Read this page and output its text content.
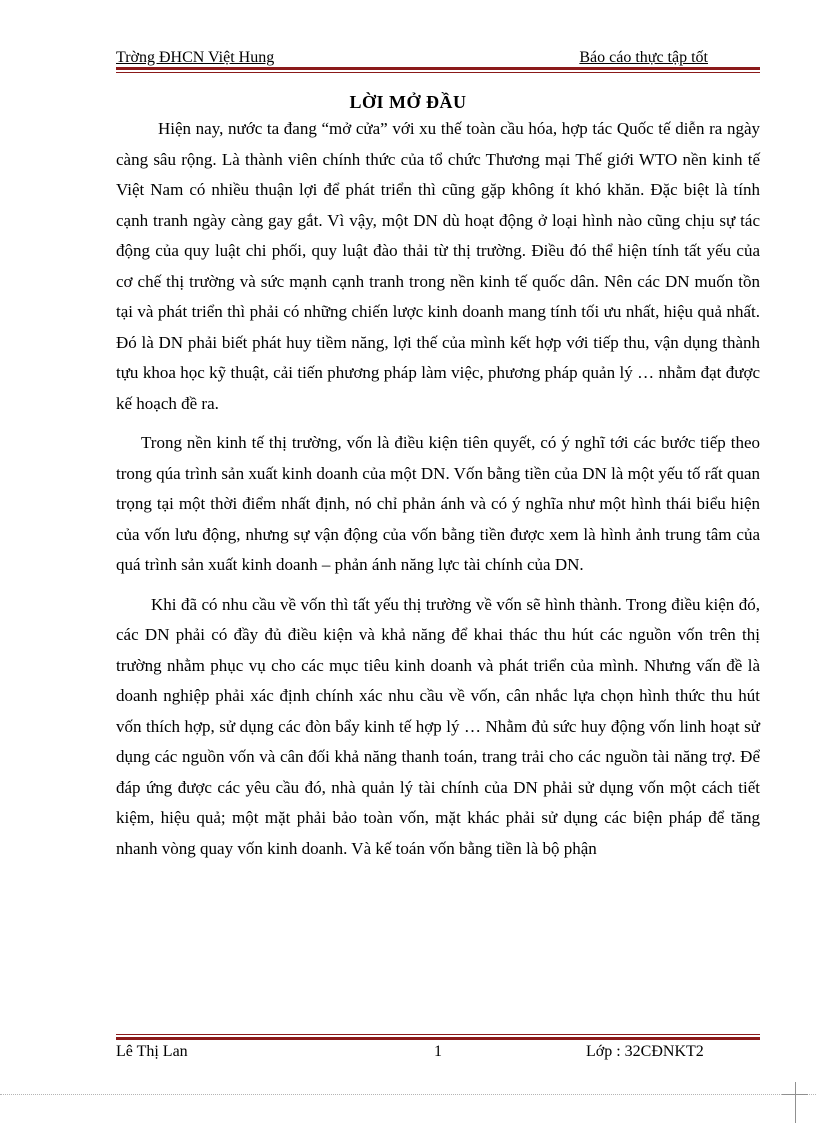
Trờng ĐHCN Việt Hung	Báo cáo thực tập tốt
LỜI MỞ ĐẦU

Hiện nay, nước ta đang “mở cửa” với xu thế toàn cầu hóa, hợp tác Quốc tế diễn ra ngày càng sâu rộng. Là thành viên chính thức của tổ chức Thương mại Thế giới WTO nền kinh tế Việt Nam có nhiều thuận lợi để phát triển thì cũng gặp không ít khó khăn. Đặc biệt là tính cạnh tranh ngày càng gay gắt. Vì vậy, một DN dù hoạt động ở loại hình nào cũng chịu sự tác động của quy luật chi phối, quy luật đào thải từ thị trường. Điều đó thể hiện tính tất yếu của cơ chế thị trường và sức mạnh cạnh tranh trong nền kinh tế quốc dân. Nên các DN muốn tồn tại và phát triển thì phải có những chiến lược kinh doanh mang tính tối ưu nhất, hiệu quả nhất. Đó là DN phải biết phát huy tiềm năng, lợi thế của mình kết hợp với tiếp thu, vận dụng thành tựu khoa học kỹ thuật, cải tiến phương pháp làm việc, phương pháp quản lý … nhằm đạt được kế hoạch đề ra.

Trong nền kinh tế thị trường, vốn là điều kiện tiên quyết, có ý nghĩ tới các bước tiếp theo trong qúa trình sản xuất kinh doanh của một DN. Vốn bằng tiền của DN là một yếu tố rất quan trọng tại một thời điểm nhất định, nó chỉ phản ánh và có ý nghĩa như một hình thái biểu hiện của vốn lưu động, nhưng sự vận động của vốn bằng tiền được xem là hình ảnh trung tâm của quá trình sản xuất kinh doanh – phản ánh năng lực tài chính của DN.

Khi đã có nhu cầu về vốn thì tất yếu thị trường về vốn sẽ hình thành. Trong điều kiện đó, các DN phải có đầy đủ điều kiện và khả năng để khai thác thu hút các nguồn vốn trên thị trường nhằm phục vụ cho các mục tiêu kinh doanh và phát triển của mình. Nhưng vấn đề là doanh nghiệp phải xác định chính xác nhu cầu về vốn, cân nhắc lựa chọn hình thức thu hút vốn thích hợp, sử dụng các đòn bẩy kinh tế hợp lý … Nhằm đủ sức huy động vốn linh hoạt sử dụng các nguồn vốn và cân đối khả năng thanh toán, trang trải cho các nguồn tài năng trợ. Để đáp ứng được các yêu cầu đó, nhà quản lý tài chính của DN phải sử dụng vốn một cách tiết kiệm, hiệu quả; một mặt phải bảo toàn vốn, mặt khác phải sử dụng các biện pháp để tăng nhanh vòng quay vốn kinh doanh. Và kế toán vốn bằng tiền là bộ phận

Lê Thị Lan	1	Lớp : 32CĐNKT2
